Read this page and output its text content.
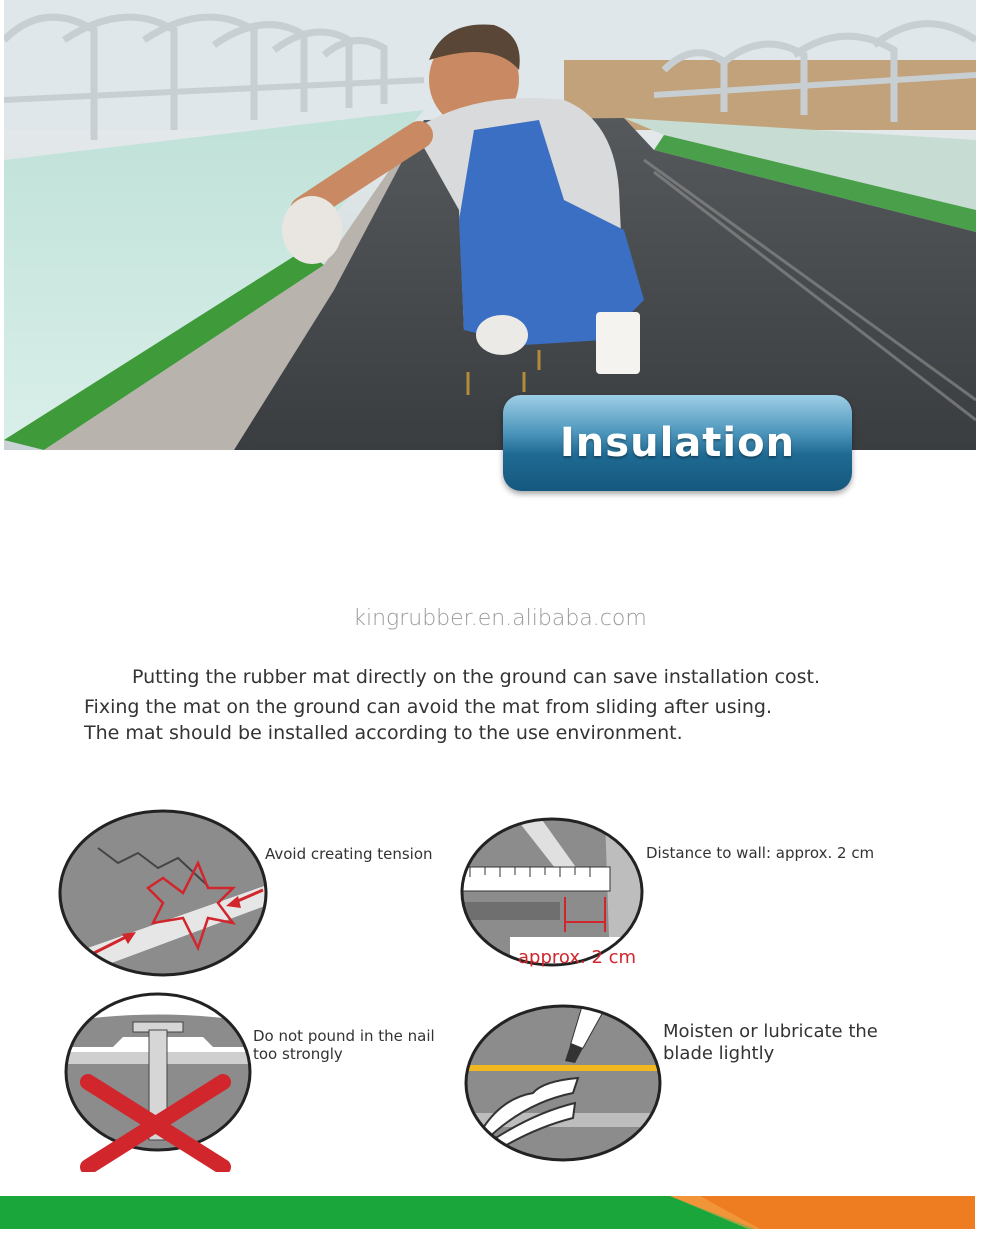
Insulation
kingrubber.en.alibaba.com
Putting the rubber mat directly on the ground can save installation cost.
Fixing the mat on the ground can avoid the mat from sliding after using.
The mat should be installed according to the use environment.
Avoid creating tension
approx. 2 cm
Distance to wall: approx. 2 cm
Do not pound in the nail
too strongly
Moisten or lubricate the
blade lightly
